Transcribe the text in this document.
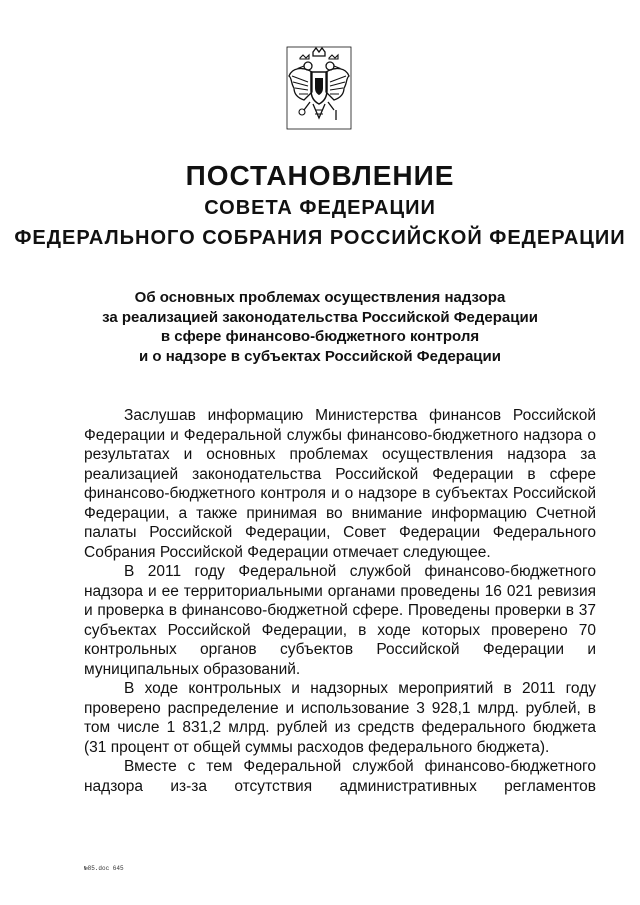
ПОСТАНОВЛЕНИЕ
СОВЕТА ФЕДЕРАЦИИ
ФЕДЕРАЛЬНОГО СОБРАНИЯ РОССИЙСКОЙ ФЕДЕРАЦИИ
Об основных проблемах осуществления надзора
за реализацией законодательства Российской Федерации
в сфере финансово-бюджетного контроля
и о надзоре в субъектах Российской Федерации

Заслушав информацию Министерства финансов Российской Федерации и Федеральной службы финансово-бюджетного надзора о результатах и основных проблемах осуществления надзора за реализацией законодательства Российской Федерации в сфере финансово-бюджетного контроля и о надзоре в субъектах Российской Федерации, а также принимая во внимание информацию Счетной палаты Российской Федерации, Совет Федерации Федерального Собрания Российской Федерации отмечает следующее.

В 2011 году Федеральной службой финансово-бюджетного надзора и ее территориальными органами проведены 16 021 ревизия и проверка в финансово-бюджетной сфере. Проведены проверки в 37 субъектах Российской Федерации, в ходе которых проверено 70 контрольных органов субъектов Российской Федерации и муниципальных образований.

В ходе контрольных и надзорных мероприятий в 2011 году проверено распределение и использование 3 928,1 млрд. рублей, в том числе 1 831,2 млрд. рублей из средств федерального бюджета (31 процент от общей суммы расходов федерального бюджета).

Вместе с тем Федеральной службой финансово-бюджетного надзора из-за отсутствия административных регламентов

№85.doc 645
